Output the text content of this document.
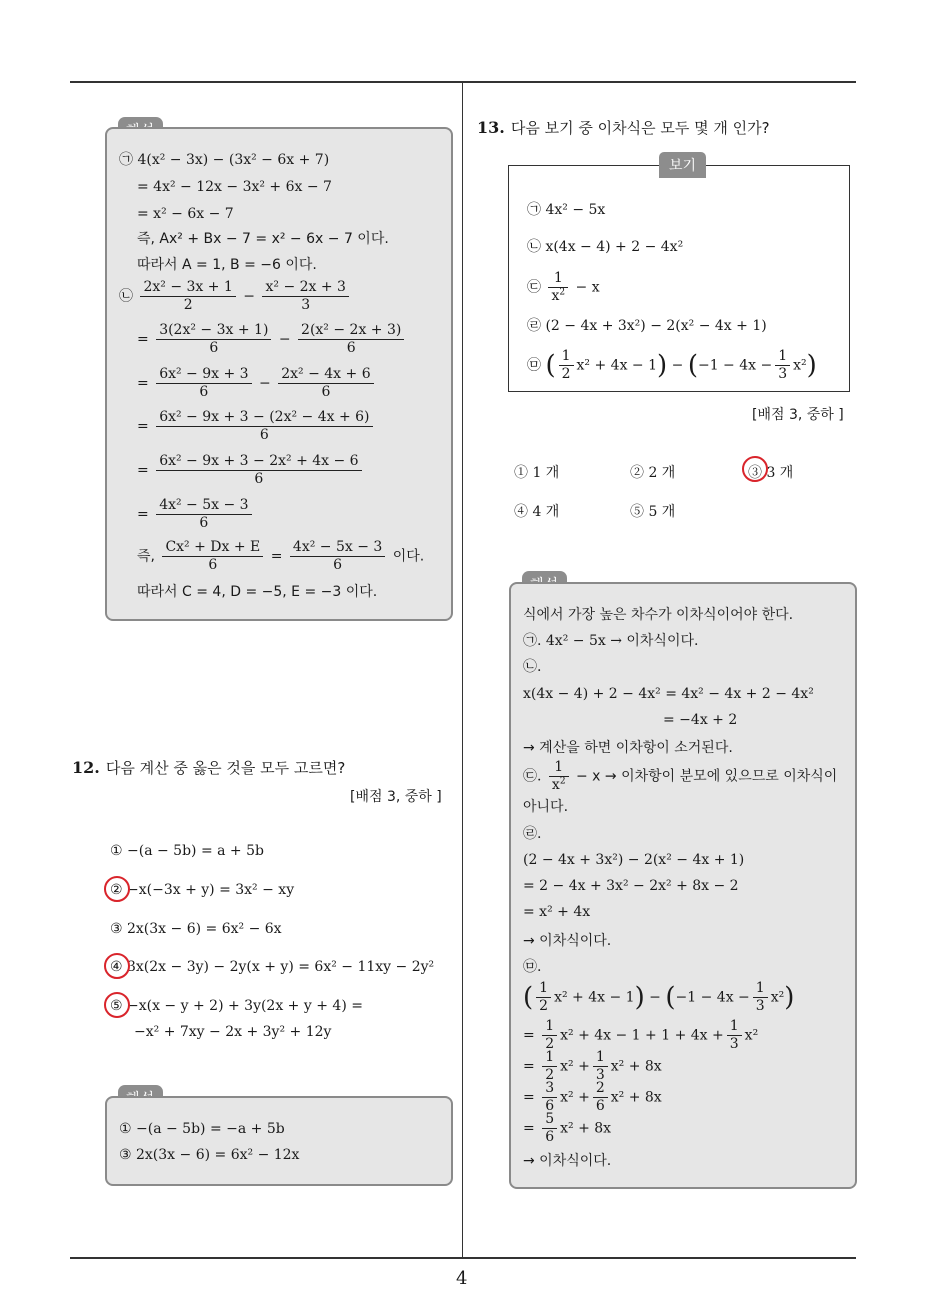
4
㉠ 4(x² − 3x) − (3x² − 6x + 7)
= 4x² − 12x − 3x² + 6x − 7
= x² − 6x − 7
즉, Ax² + Bx − 7 = x² − 6x − 7 이다.
따라서 A = 1, B = −6 이다.
㉡ $\frac{\text{2x² − 3x + 1}}{2} - \frac{\text{x² − 2x + 3}}{3}$
= $\frac{\text{3(2x² − 3x + 1)}}{6} - \frac{\text{2(x² − 2x + 3)}}{6}$
= $\frac{\text{6x² − 9x + 3}}{6} - \frac{\text{2x² − 4x + 6}}{6}$
= $\frac{\text{6x² − 9x + 3 − (2x² − 4x + 6)}}{6}$
= $\frac{\text{6x² − 9x + 3 − 2x² + 4x − 6}}{6}$
= $\frac{\text{4x² − 5x − 3}}{6}$
즉, $\frac{\text{Cx² + Dx + E}}{6} = \frac{\text{4x² − 5x − 3}}{6}$ 이다.
따라서 C = 4, D = −5, E = −3 이다.
12. 다음 계산 중 옳은 것을 모두 고르면?
[배점 3, 중하 ]
① −(a − 5b) = a + 5b
② −x(−3x + y) = 3x² − xy
③ 2x(3x − 6) = 6x² − 6x
④ 3x(2x − 3y) − 2y(x + y) = 6x² − 11xy − 2y²
⑤ −x(x − y + 2) + 3y(2x + y + 4) =
−x² + 7xy − 2x + 3y² + 12y
① −(a − 5b) = −a + 5b
③ 2x(3x − 6) = 6x² − 12x
13. 다음 보기 중 이차식은 모두 몇 개 인가?
㉠ 4x² − 5x
㉡ x(4x − 4) + 2 − 4x²
㉢ $\frac{1}{x^2} - x$
㉣ (2 − 4x + 3x²) − 2(x² − 4x + 1)
㉤ ( $\frac{1}{2} x^2 + 4x - 1) - (-1 - 4x - \frac{1}{3} x^2)$
보기
[배점 3, 중하 ]
① 1 개	② 2 개	③ 3 개
④ 4 개	⑤ 5 개
식에서 가장 높은 차수가 이차식이어야 한다.
㉠. 4x² − 5x → 이차식이다.
㉡.
x(4x − 4) + 2 − 4x² = 4x² − 4x + 2 − 4x²
= −4x + 2
→ 계산을 하면 이차항이 소거된다.
㉢. $\frac{1}{x^2} - x$ → 이차항이 분모에 있으므로 이차식이
아니다.
㉣.
(2 − 4x + 3x²) − 2(x² − 4x + 1)
= 2 − 4x + 3x² − 2x² + 8x − 2
= x² + 4x
→ 이차식이다.
㉤.
( $\frac{1}{2} x^2 + 4x - 1) - (-1 - 4x - \frac{1}{3} x^2)$
= $\frac{1}{2} x^2 + 4x - 1 + 1 + 4x + \frac{1}{3} x^2$
= $\frac{1}{2} x^2 + \frac{1}{3} x^2 + 8x$
= $\frac{3}{6} x^2 + \frac{2}{6} x^2 + 8x$
= $\frac{5}{6} x^2 + 8x$
→ 이차식이다.
